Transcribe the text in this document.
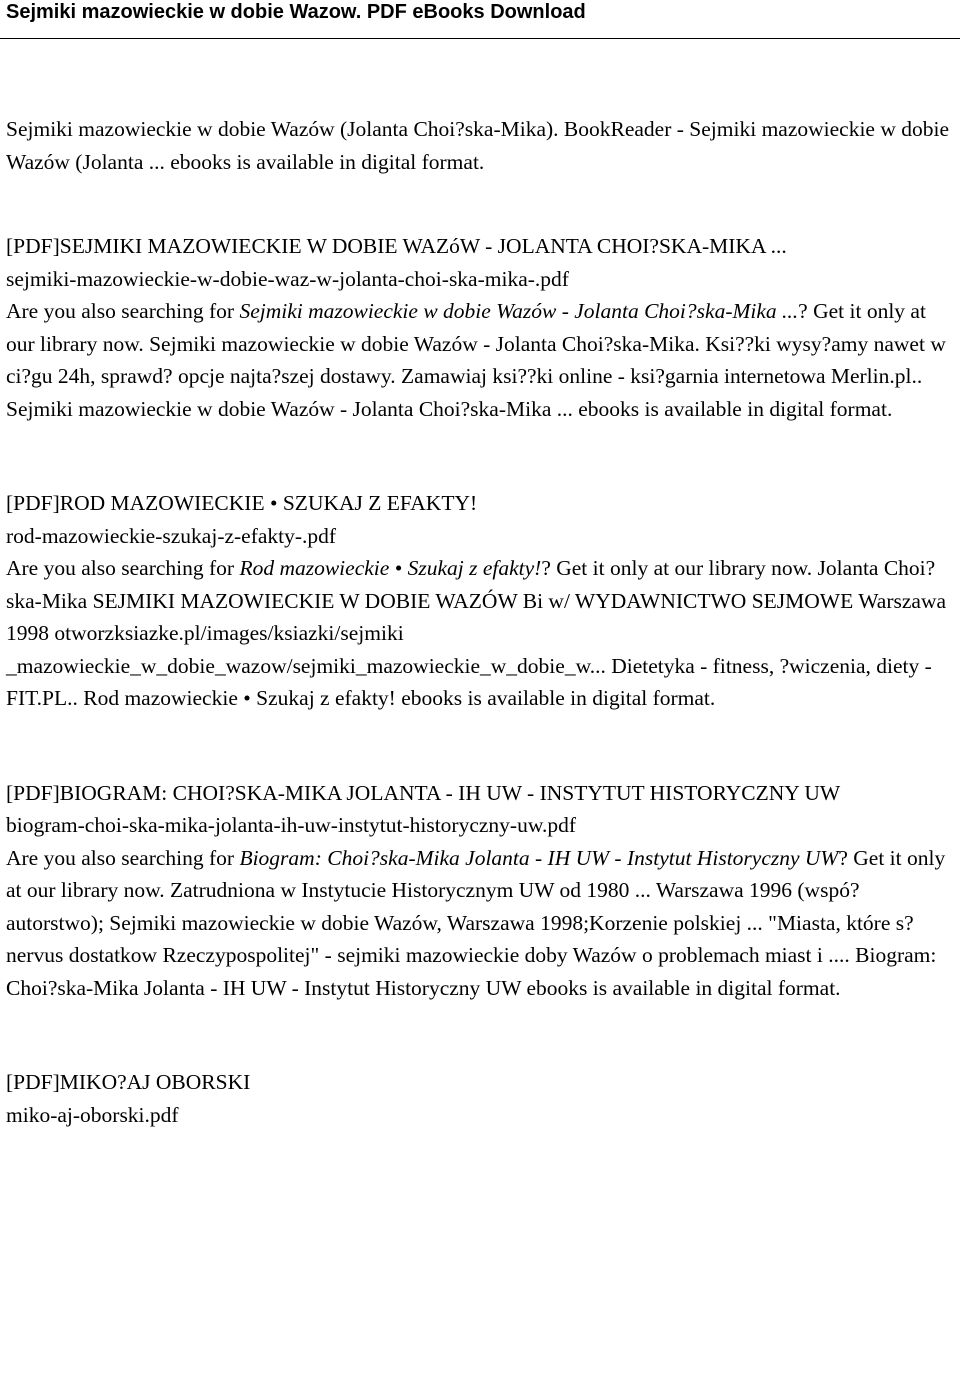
Sejmiki mazowieckie w dobie Wazow. PDF eBooks Download

Sejmiki mazowieckie w dobie Wazów (Jolanta Choi?ska-Mika). BookReader - Sejmiki mazowieckie w dobie Wazów (Jolanta ... ebooks is available in digital format.

[PDF]SEJMIKI MAZOWIECKIE W DOBIE WAZóW - JOLANTA CHOI?SKA-MIKA ...

sejmiki-mazowieckie-w-dobie-waz-w-jolanta-choi-ska-mika-.pdf

Are you also searching for Sejmiki mazowieckie w dobie Wazów - Jolanta Choi?ska-Mika ...? Get it only at our library now. Sejmiki mazowieckie w dobie Wazów - Jolanta Choi?ska-Mika. Ksi??ki wysy?amy nawet w ci?gu 24h, sprawd? opcje najta?szej dostawy. Zamawiaj ksi??ki online - ksi?garnia internetowa Merlin.pl.. Sejmiki mazowieckie w dobie Wazów - Jolanta Choi?ska-Mika ... ebooks is available in digital format.

[PDF]ROD MAZOWIECKIE • SZUKAJ Z EFAKTY!

rod-mazowieckie-szukaj-z-efakty-.pdf

Are you also searching for Rod mazowieckie • Szukaj z efakty!? Get it only at our library now. Jolanta Choi?ska-Mika SEJMIKI MAZOWIECKIE W DOBIE WAZÓW Bi w/ WYDAWNICTWO SEJMOWE Warszawa 1998 otworzksiazke.pl/images/ksiazki/sejmiki _mazowieckie_w_dobie_wazow/sejmiki_mazowieckie_w_dobie_w... Dietetyka - fitness, ?wiczenia, diety - FIT.PL.. Rod mazowieckie • Szukaj z efakty! ebooks is available in digital format.

[PDF]BIOGRAM: CHOI?SKA-MIKA JOLANTA - IH UW - INSTYTUT HISTORYCZNY UW

biogram-choi-ska-mika-jolanta-ih-uw-instytut-historyczny-uw.pdf

Are you also searching for Biogram: Choi?ska-Mika Jolanta - IH UW - Instytut Historyczny UW? Get it only at our library now. Zatrudniona w Instytucie Historycznym UW od 1980 ... Warszawa 1996 (wspó?autorstwo); Sejmiki mazowieckie w dobie Wazów, Warszawa 1998;Korzenie polskiej ... "Miasta, które s? nervus dostatkow Rzeczypospolitej" - sejmiki mazowieckie doby Wazów o problemach miast i .... Biogram: Choi?ska-Mika Jolanta - IH UW - Instytut Historyczny UW ebooks is available in digital format.

[PDF]MIKO?AJ OBORSKI

miko-aj-oborski.pdf
